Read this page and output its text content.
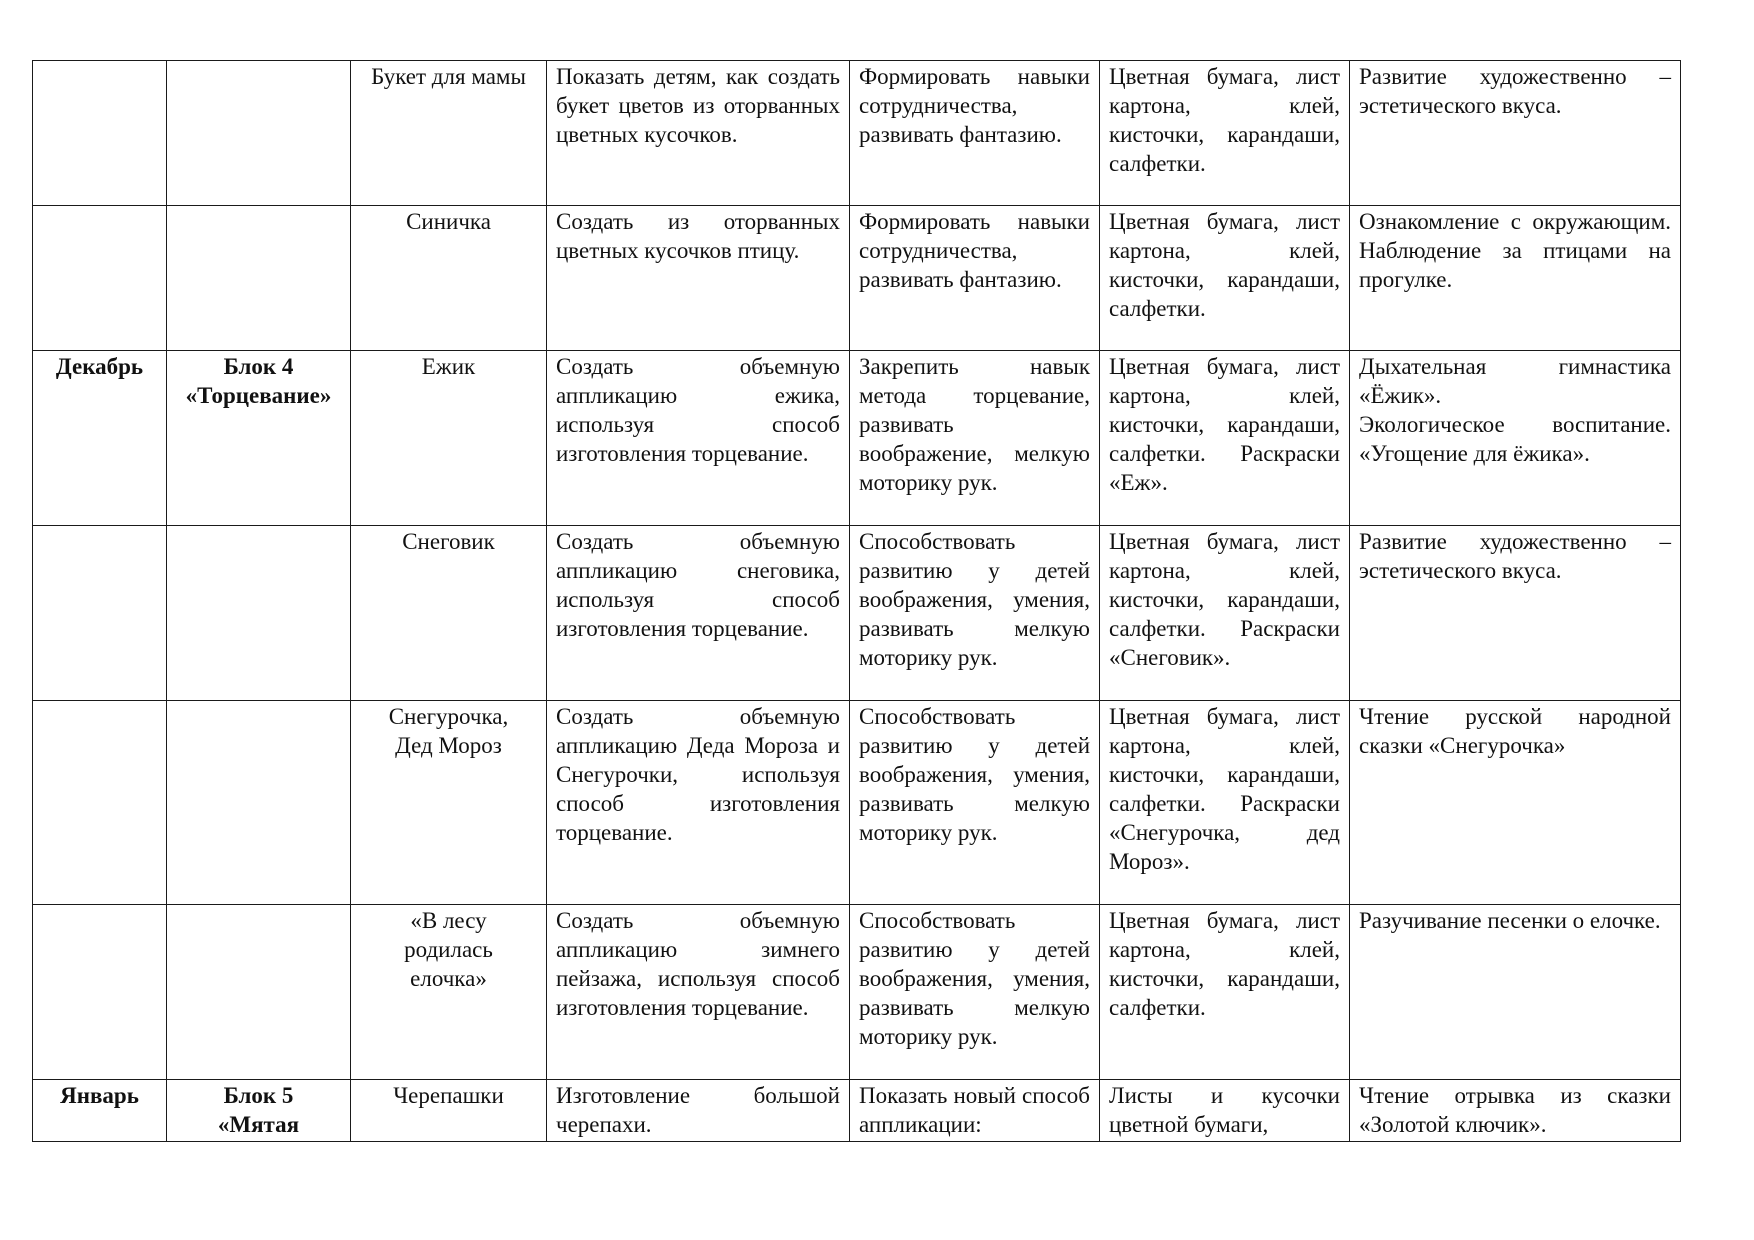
		Букет для мамы	Показать детям, как создать букет цветов из оторванных цветных кусочков.	Формировать навыки сотрудничества, развивать фантазию.	Цветная бумага, лист картона, клей, кисточки, карандаши, салфетки.	Развитие художественно – эстетического вкуса.

		Синичка	Создать из оторванных цветных кусочков птицу.	Формировать навыки сотрудничества, развивать фантазию.	Цветная бумага, лист картона, клей, кисточки, карандаши, салфетки.	Ознакомление с окружающим. Наблюдение за птицами на прогулке.

Декабрь	Блок 4
«Торцевание»	Ежик	Создать объемную аппликацию ежика, используя способ изготовления торцевание.	Закрепить навык метода торцевание, развивать воображение, мелкую моторику рук.	Цветная бумага, лист картона, клей, кисточки, карандаши, салфетки. Раскраски «Еж».	Дыхательная гимнастика «Ёжик».
Экологическое воспитание. «Угощение для ёжика».

		Снеговик	Создать объемную аппликацию снеговика, используя способ изготовления торцевание.	Способствовать развитию у детей воображения, умения, развивать мелкую моторику рук.	Цветная бумага, лист картона, клей, кисточки, карандаши, салфетки. Раскраски «Снеговик».	Развитие художественно – эстетического вкуса.

		Снегурочка,
Дед Мороз	Создать объемную аппликацию Деда Мороза и Снегурочки, используя способ изготовления торцевание.	Способствовать развитию у детей воображения, умения, развивать мелкую моторику рук.	Цветная бумага, лист картона, клей, кисточки, карандаши, салфетки. Раскраски «Снегурочка, дед Мороз».	Чтение русской народной сказки «Снегурочка»

		«В лесу
родилась
елочка»	Создать объемную аппликацию зимнего пейзажа, используя способ изготовления торцевание.	Способствовать развитию у детей воображения, умения, развивать мелкую моторику рук.	Цветная бумага, лист картона, клей, кисточки, карандаши, салфетки.	Разучивание песенки о елочке.

Январь	Блок 5
«Мятая	Черепашки	Изготовление большой черепахи.	Показать новый способ аппликации:	Листы и кусочки цветной бумаги,	Чтение отрывка из сказки «Золотой ключик».
